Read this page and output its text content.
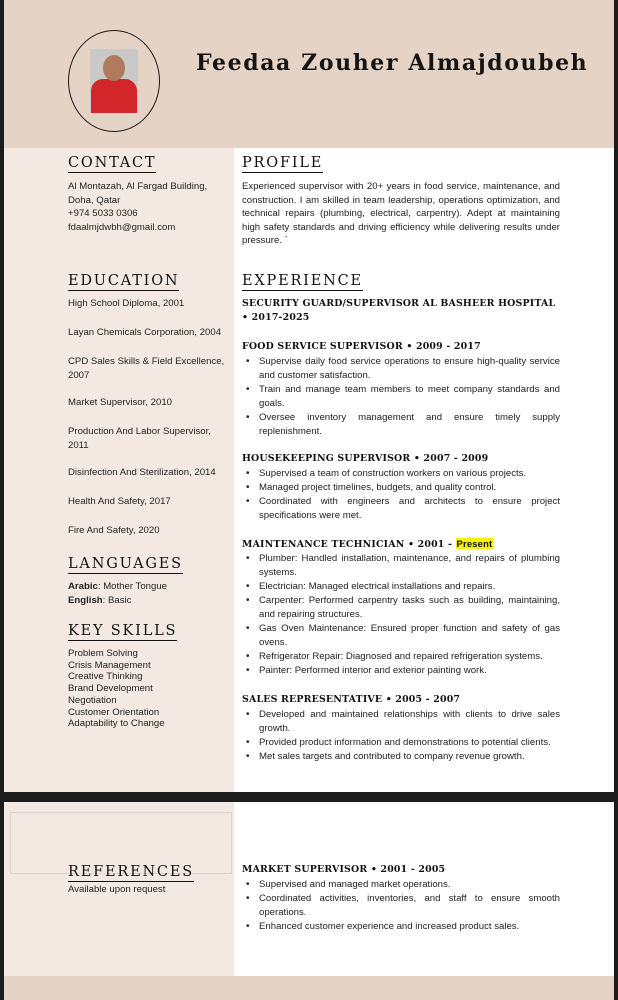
Feedaa Zouher Almajdoubeh
CONTACT
Al Montazah, Al Fargad Building,
Doha, Qatar
+974 5033 0306
fdaalmjdwbh@gmail.com
EDUCATION
High School Diploma, 2001
Layan Chemicals Corporation, 2004
CPD Sales Skills & Field Excellence, 2007
Market Supervisor, 2010
Production And Labor Supervisor, 2011
Disinfection And Sterilization, 2014
Health And Safety, 2017
Fire And Safety, 2020
LANGUAGES
Arabic: Mother Tongue
English: Basic
KEY SKILLS
Problem Solving
Crisis Management
Creative Thinking
Brand Development
Negotiation
Customer Orientation
Adaptability to Change
PROFILE
Experienced supervisor with 20+ years in food service, maintenance, and construction. I am skilled in team leadership, operations optimization, and technical repairs (plumbing, electrical, carpentry). Adept at maintaining high safety standards and driving efficiency while delivering results under pressure. `
EXPERIENCE
SECURITY GUARD/SUPERVISOR AL BASHEER HOSPITAL • 2017-2025
FOOD SERVICE SUPERVISOR • 2009 - 2017
• Supervise daily food service operations to ensure high-quality service and customer satisfaction.
• Train and manage team members to meet company standards and goals.
• Oversee inventory management and ensure timely supply replenishment.
HOUSEKEEPING SUPERVISOR • 2007 - 2009
• Supervised a team of construction workers on various projects.
• Managed project timelines, budgets, and quality control.
• Coordinated with engineers and architects to ensure project specifications were met.
MAINTENANCE TECHNICIAN • 2001 - Present
• Plumber: Handled installation, maintenance, and repairs of plumbing systems.
• Electrician: Managed electrical installations and repairs.
• Carpenter: Performed carpentry tasks such as building, maintaining, and repairing structures.
• Gas Oven Maintenance: Ensured proper function and safety of gas ovens.
• Refrigerator Repair: Diagnosed and repaired refrigeration systems.
• Painter: Performed interior and exterior painting work.
SALES REPRESENTATIVE • 2005 - 2007
• Developed and maintained relationships with clients to drive sales growth.
• Provided product information and demonstrations to potential clients.
• Met sales targets and contributed to company revenue growth.
REFERENCES
Available upon request
MARKET SUPERVISOR • 2001 - 2005
• Supervised and managed market operations.
• Coordinated activities, inventories, and staff to ensure smooth operations.
• Enhanced customer experience and increased product sales.
